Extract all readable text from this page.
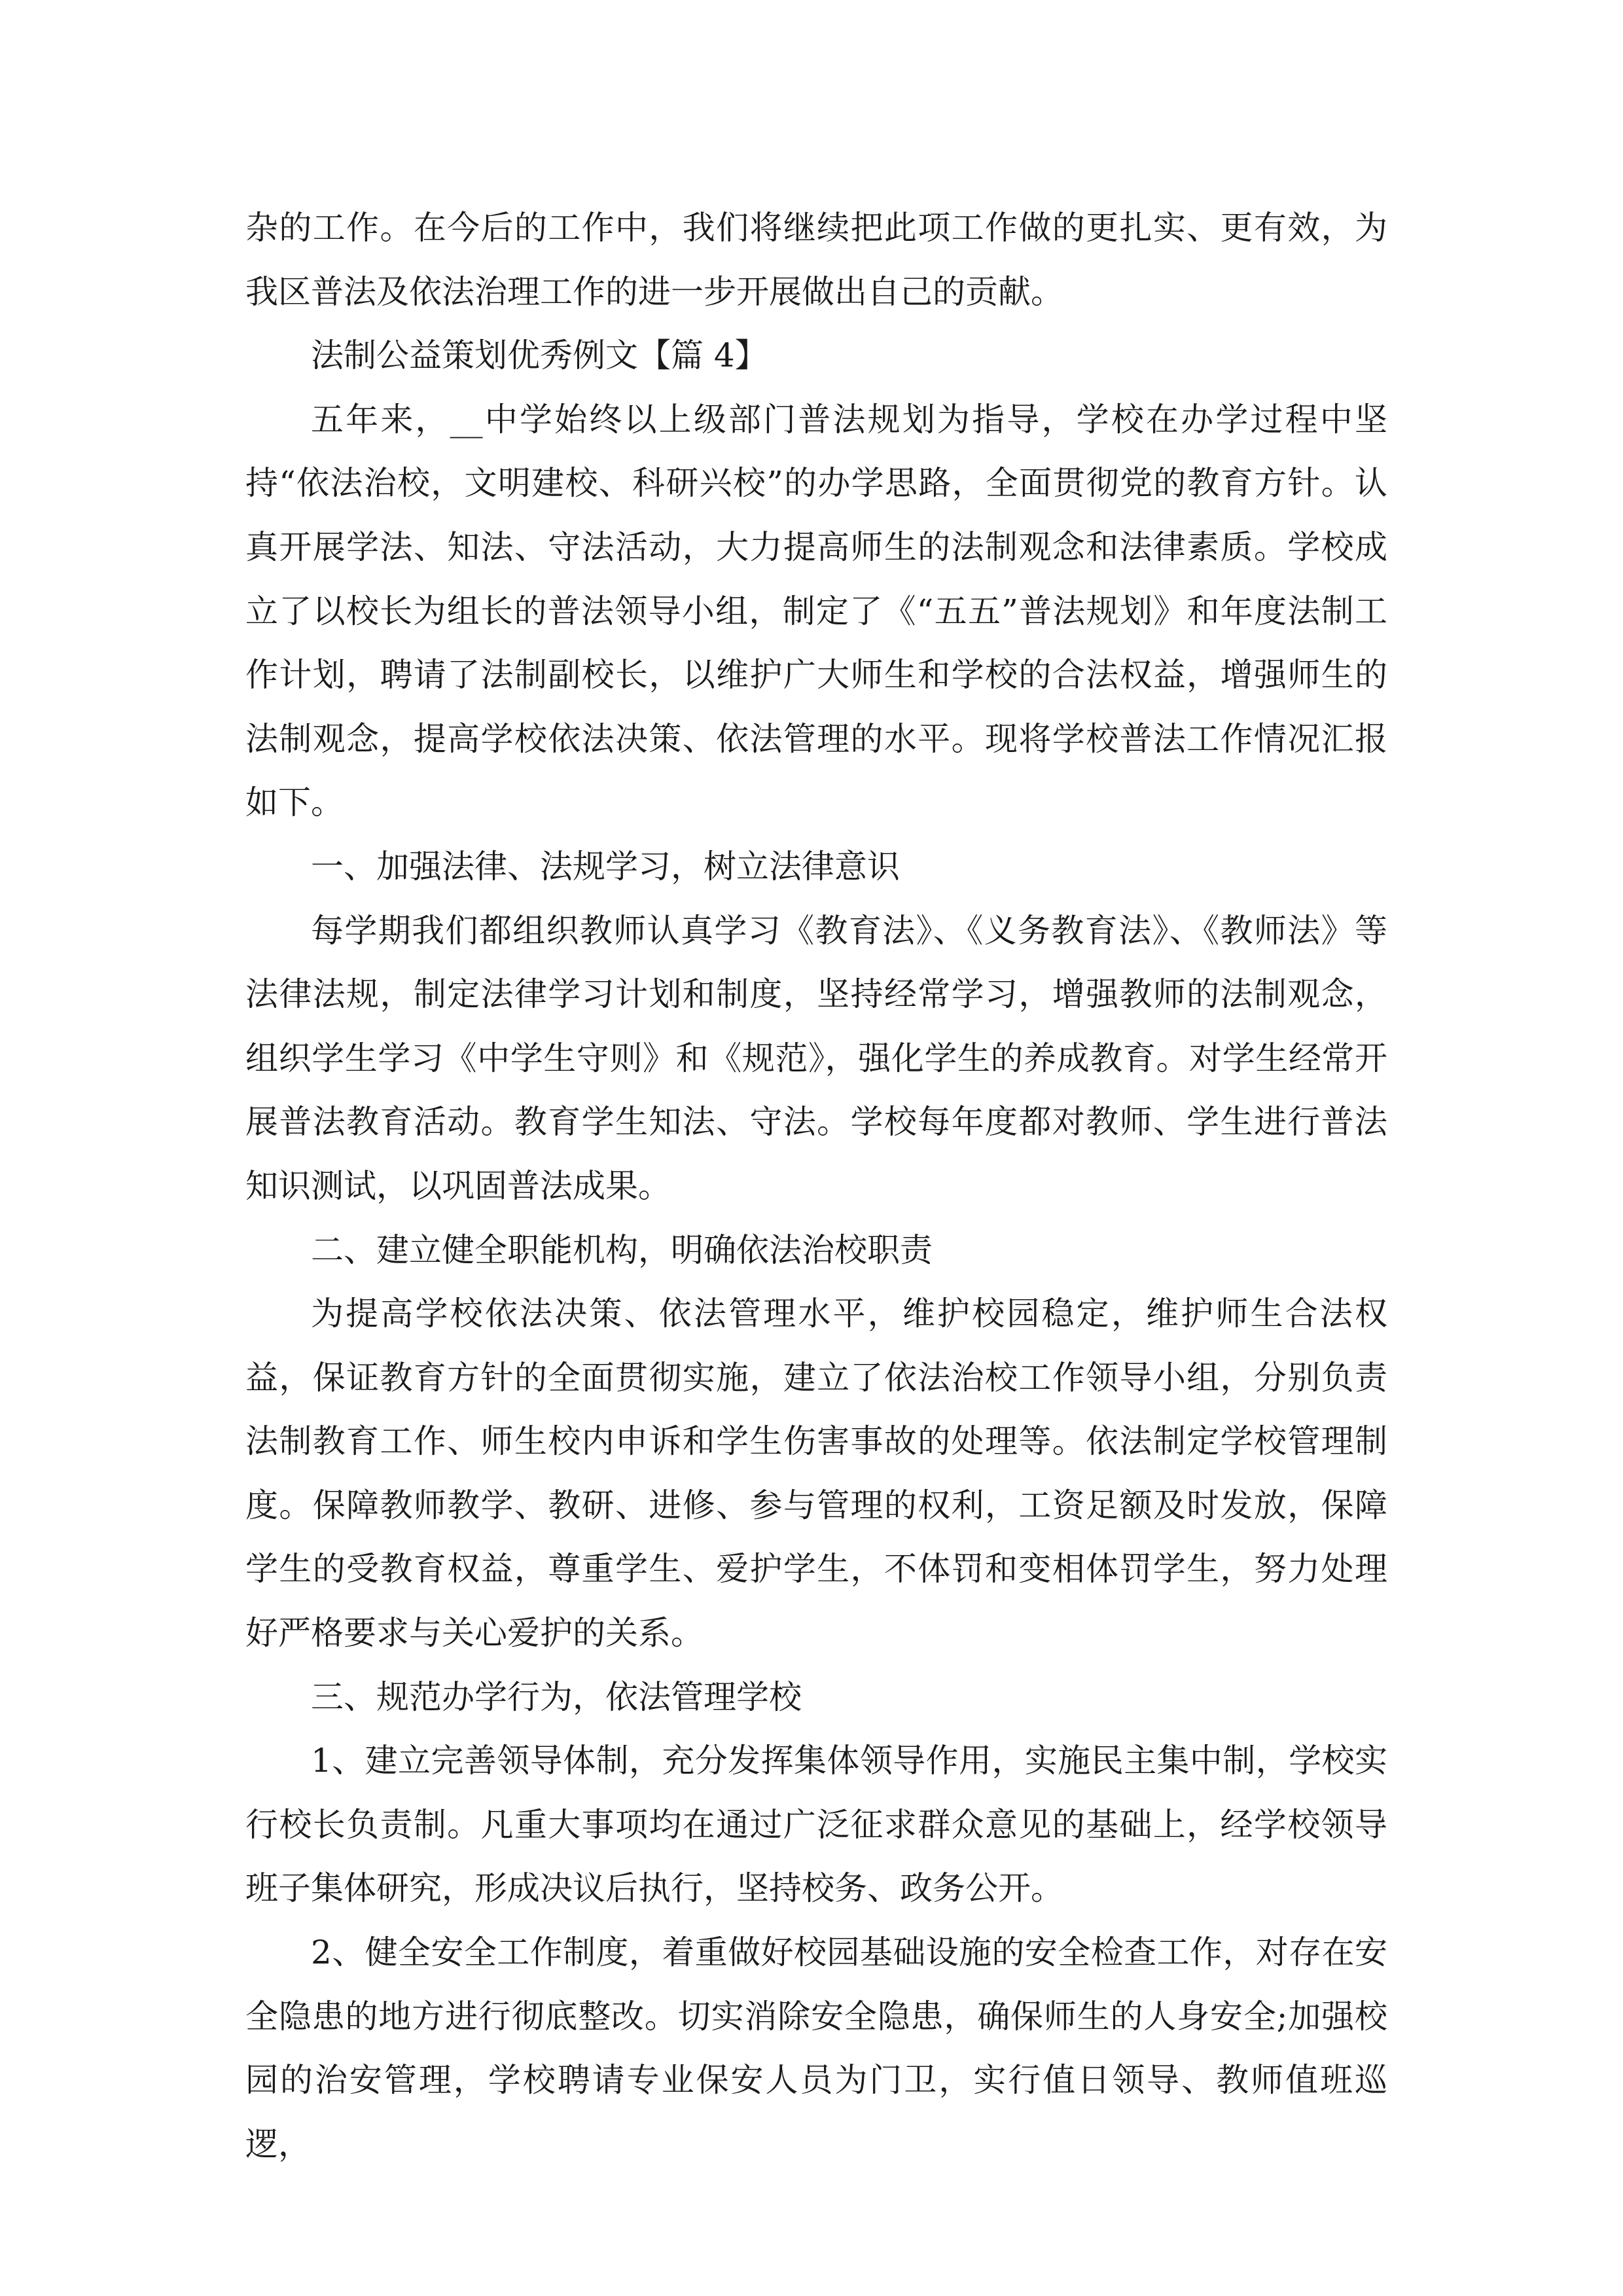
杂的工作。在今后的工作中，我们将继续把此项工作做的更扎实、更有效，为我区普法及依法治理工作的进一步开展做出自己的贡献。

法制公益策划优秀例文【篇 4】

五年来，__中学始终以上级部门普法规划为指导，学校在办学过程中坚持“依法治校，文明建校、科研兴校”的办学思路，全面贯彻党的教育方针。认真开展学法、知法、守法活动，大力提高师生的法制观念和法律素质。学校成立了以校长为组长的普法领导小组，制定了《“五五”普法规划》和年度法制工作计划，聘请了法制副校长，以维护广大师生和学校的合法权益，增强师生的法制观念，提高学校依法决策、依法管理的水平。现将学校普法工作情况汇报如下。

一、加强法律、法规学习，树立法律意识

每学期我们都组织教师认真学习《教育法》、《义务教育法》、《教师法》等法律法规，制定法律学习计划和制度，坚持经常学习，增强教师的法制观念，组织学生学习《中学生守则》和《规范》，强化学生的养成教育。对学生经常开展普法教育活动。教育学生知法、守法。学校每年度都对教师、学生进行普法知识测试，以巩固普法成果。

二、建立健全职能机构，明确依法治校职责

为提高学校依法决策、依法管理水平，维护校园稳定，维护师生合法权益，保证教育方针的全面贯彻实施，建立了依法治校工作领导小组，分别负责法制教育工作、师生校内申诉和学生伤害事故的处理等。依法制定学校管理制度。保障教师教学、教研、进修、参与管理的权利，工资足额及时发放，保障学生的受教育权益，尊重学生、爱护学生，不体罚和变相体罚学生，努力处理好严格要求与关心爱护的关系。

三、规范办学行为，依法管理学校

1、建立完善领导体制，充分发挥集体领导作用，实施民主集中制，学校实行校长负责制。凡重大事项均在通过广泛征求群众意见的基础上，经学校领导班子集体研究，形成决议后执行，坚持校务、政务公开。

2、健全安全工作制度，着重做好校园基础设施的安全检查工作，对存在安全隐患的地方进行彻底整改。切实消除安全隐患，确保师生的人身安全;加强校园的治安管理，学校聘请专业保安人员为门卫，实行值日领导、教师值班巡逻，
